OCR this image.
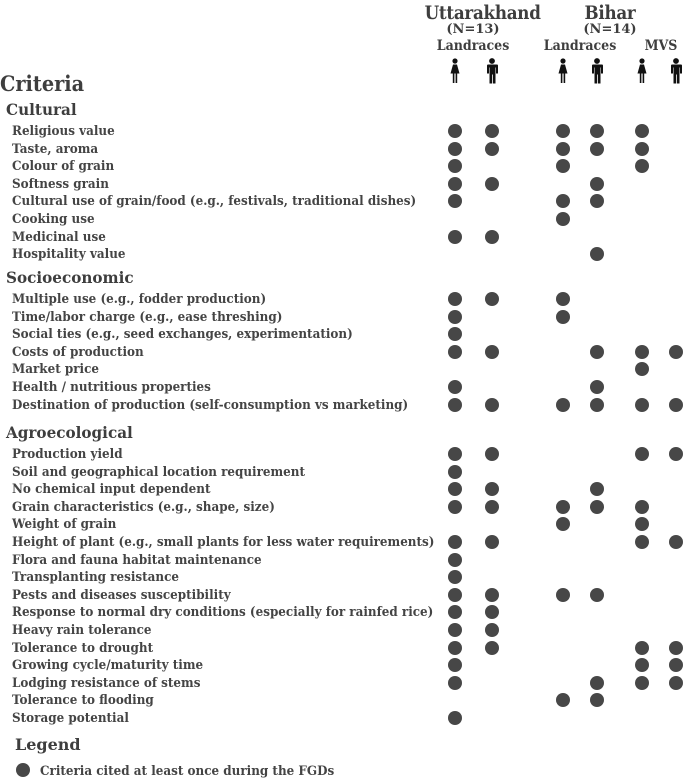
Uttarakhand
(N=13)
Landraces
Bihar
(N=14)
Landraces	MVS
Criteria
Cultural
Religious value
Taste, aroma
Colour of grain
Softness grain
Cultural use of grain/food (e.g., festivals, traditional dishes)
Cooking use
Medicinal use
Hospitality value
Socioeconomic
Multiple use (e.g., fodder production)
Time/labor charge (e.g., ease threshing)
Social ties (e.g., seed exchanges, experimentation)
Costs of production
Market price
Health / nutritious properties
Destination of production (self-consumption vs marketing)
Agroecological
Production yield
Soil and geographical location requirement
No chemical input dependent
Grain characteristics (e.g., shape, size)
Weight of grain
Height of plant (e.g., small plants for less water requirements)
Flora and fauna habitat maintenance
Transplanting resistance
Pests and diseases susceptibility
Response to normal dry conditions (especially for rainfed rice)
Heavy rain tolerance
Tolerance to drought
Growing cycle/maturity time
Lodging resistance of stems
Tolerance to flooding
Storage potential
Legend
Criteria cited at least once during the FGDs
